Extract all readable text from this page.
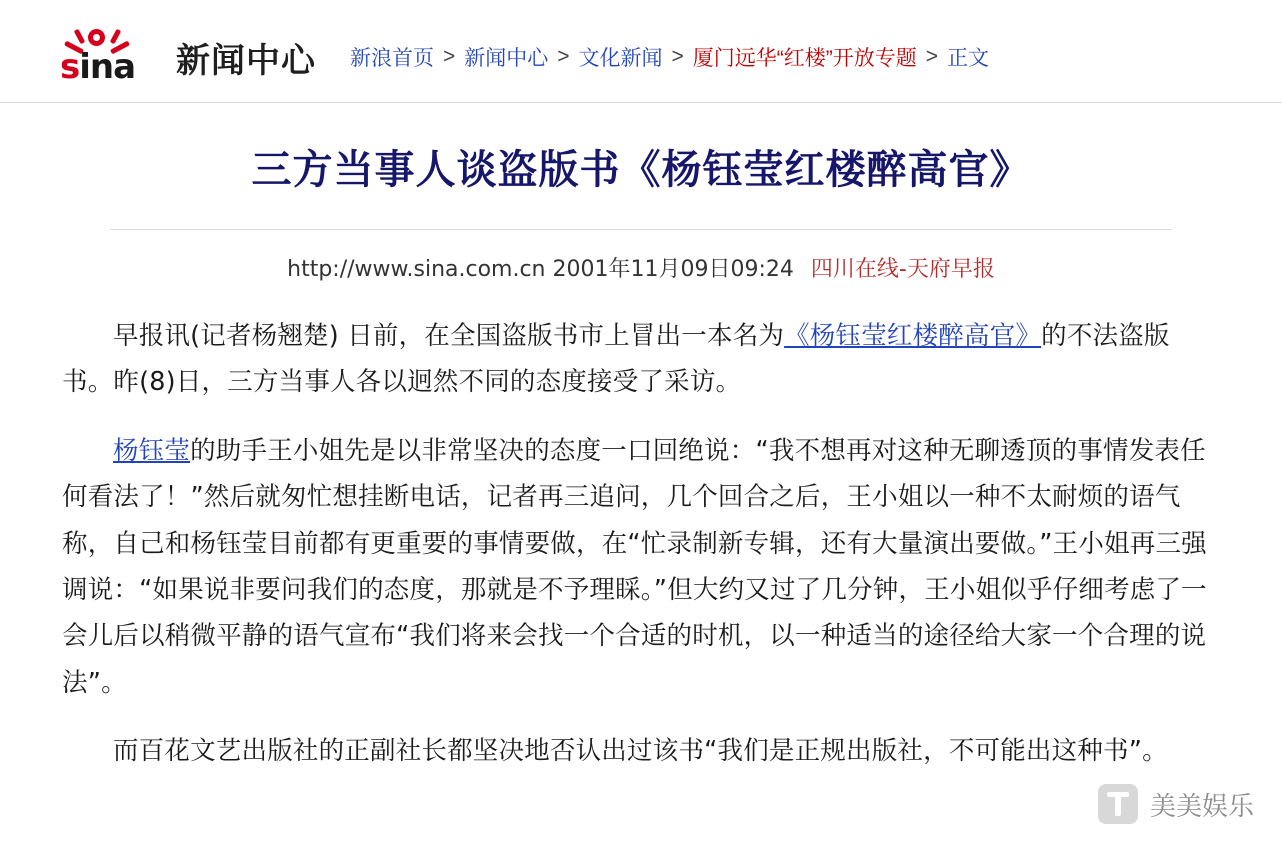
sina 新闻中心 新浪首页 > 新闻中心 > 文化新闻 > 厦门远华“红楼”开放专题 > 正文
三方当事人谈盗版书《杨钰莹红楼醉高官》
http://www.sina.com.cn 2001年11月09日09:24 四川在线-天府早报

早报讯(记者杨翘楚) 日前，在全国盗版书市上冒出一本名为《杨钰莹红楼醉高官》的不法盗版书。昨(8)日，三方当事人各以迥然不同的态度接受了采访。

杨钰莹的助手王小姐先是以非常坚决的态度一口回绝说：“我不想再对这种无聊透顶的事情发表任何看法了！”然后就匆忙想挂断电话，记者再三追问，几个回合之后，王小姐以一种不太耐烦的语气称，自己和杨钰莹目前都有更重要的事情要做，在“忙录制新专辑，还有大量演出要做。”王小姐再三强调说：“如果说非要问我们的态度，那就是不予理睬。”但大约又过了几分钟，王小姐似乎仔细考虑了一会儿后以稍微平静的语气宣布“我们将来会找一个合适的时机，以一种适当的途径给大家一个合理的说法”。

而百花文艺出版社的正副社长都坚决地否认出过该书“我们是正规出版社，不可能出这种书”。

美美娱乐
